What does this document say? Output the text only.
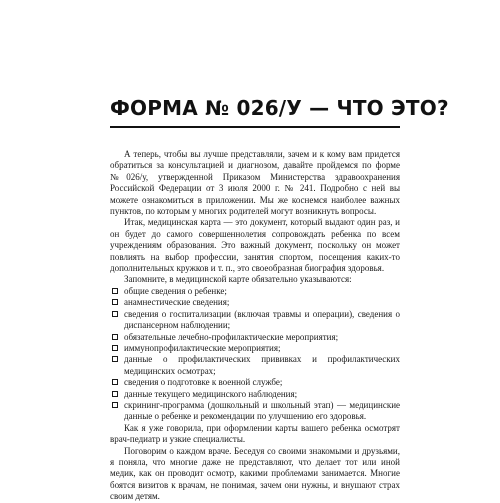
ФОРМА № 026/У — ЧТО ЭТО?

А теперь, чтобы вы лучше представляли, зачем и к кому вам придется обратиться за консультацией и диагнозом, давайте пройдемся по форме №026/у, утвержденной Приказом Министерства здравоохранения Российской Федерации от 3 июля 2000 г. № 241. Подробно с ней вы можете ознакомиться в приложении. Мы же коснемся наиболее важных пунктов, по которым у многих родителей могут возникнуть вопросы.

Итак, медицинская карта — это документ, который выдают один раз, и он будет до самого совершеннолетия сопровождать ребенка по всем учреждениям образования. Это важный документ, поскольку он может повлиять на выбор профессии, занятия спортом, посещения каких-то дополнительных кружков и т. п., это своеобразная биография здоровья.

Запомните, в медицинской карте обязательно указываются:

общие сведения о ребенке;
анамнестические сведения;
сведения о госпитализации (включая травмы и операции), сведения о диспансерном наблюдении;
обязательные лечебно-профилактические мероприятия;
иммунопрофилактические мероприятия;
данные о профилактических прививках и профилактических медицинских осмотрах;
сведения о подготовке к военной службе;
данные текущего медицинского наблюдения;
скрининг-программа (дошкольный и школьный этап) — медицинские данные о ребенке и рекомендации по улучшению его здоровья.

Как я уже говорила, при оформлении карты вашего ребенка осмотрят врач-педиатр и узкие специалисты.

Поговорим о каждом враче. Беседуя со своими знакомыми и друзьями, я поняла, что многие даже не представляют, что делает тот или иной медик, как он проводит осмотр, какими проблемами занимается. Многие боятся визитов к врачам, не понимая, зачем они нужны, и внушают страх своим детям.
